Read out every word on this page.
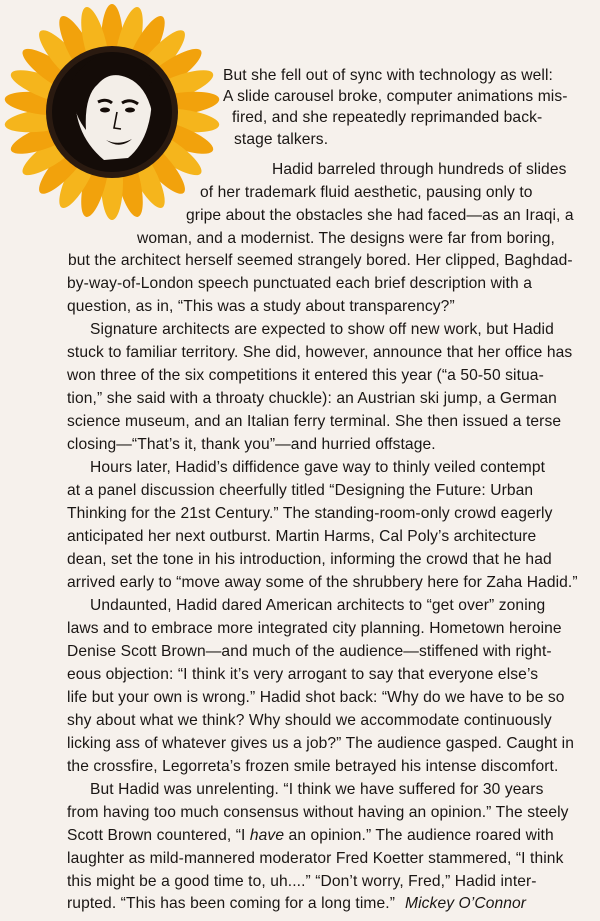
But she fell out of sync with technology as well:

A slide carousel broke, computer animations mis-

fired, and she repeatedly reprimanded back-

stage talkers.

Hadid barreled through hundreds of slides

of her trademark fluid aesthetic, pausing only to

gripe about the obstacles she had faced—as an Iraqi, a

woman, and a modernist. The designs were far from boring,

but the architect herself seemed strangely bored. Her clipped, Baghdad-

by-way-of-London speech punctuated each brief description with a

question, as in, “This was a study about transparency?”

Signature architects are expected to show off new work, but Hadid

stuck to familiar territory. She did, however, announce that her office has

won three of the six competitions it entered this year (“a 50-50 situa-

tion,” she said with a throaty chuckle): an Austrian ski jump, a German

science museum, and an Italian ferry terminal. She then issued a terse

closing—“That’s it, thank you”—and hurried offstage.

Hours later, Hadid’s diffidence gave way to thinly veiled contempt

at a panel discussion cheerfully titled “Designing the Future: Urban

Thinking for the 21st Century.” The standing-room-only crowd eagerly

anticipated her next outburst. Martin Harms, Cal Poly’s architecture

dean, set the tone in his introduction, informing the crowd that he had

arrived early to “move away some of the shrubbery here for Zaha Hadid.”

Undaunted, Hadid dared American architects to “get over” zoning

laws and to embrace more integrated city planning. Hometown heroine

Denise Scott Brown—and much of the audience—stiffened with right-

eous objection: “I think it’s very arrogant to say that everyone else’s

life but your own is wrong.” Hadid shot back: “Why do we have to be so

shy about what we think? Why should we accommodate continuously

licking ass of whatever gives us a job?” The audience gasped. Caught in

the crossfire, Legorreta’s frozen smile betrayed his intense discomfort.

But Hadid was unrelenting. “I think we have suffered for 30 years

from having too much consensus without having an opinion.” The steely

Scott Brown countered, “I have an opinion.” The audience roared with

laughter as mild-mannered moderator Fred Koetter stammered, “I think

this might be a good time to, uh....” “Don’t worry, Fred,” Hadid inter-

rupted. “This has been coming for a long time.” Mickey O’Connor
